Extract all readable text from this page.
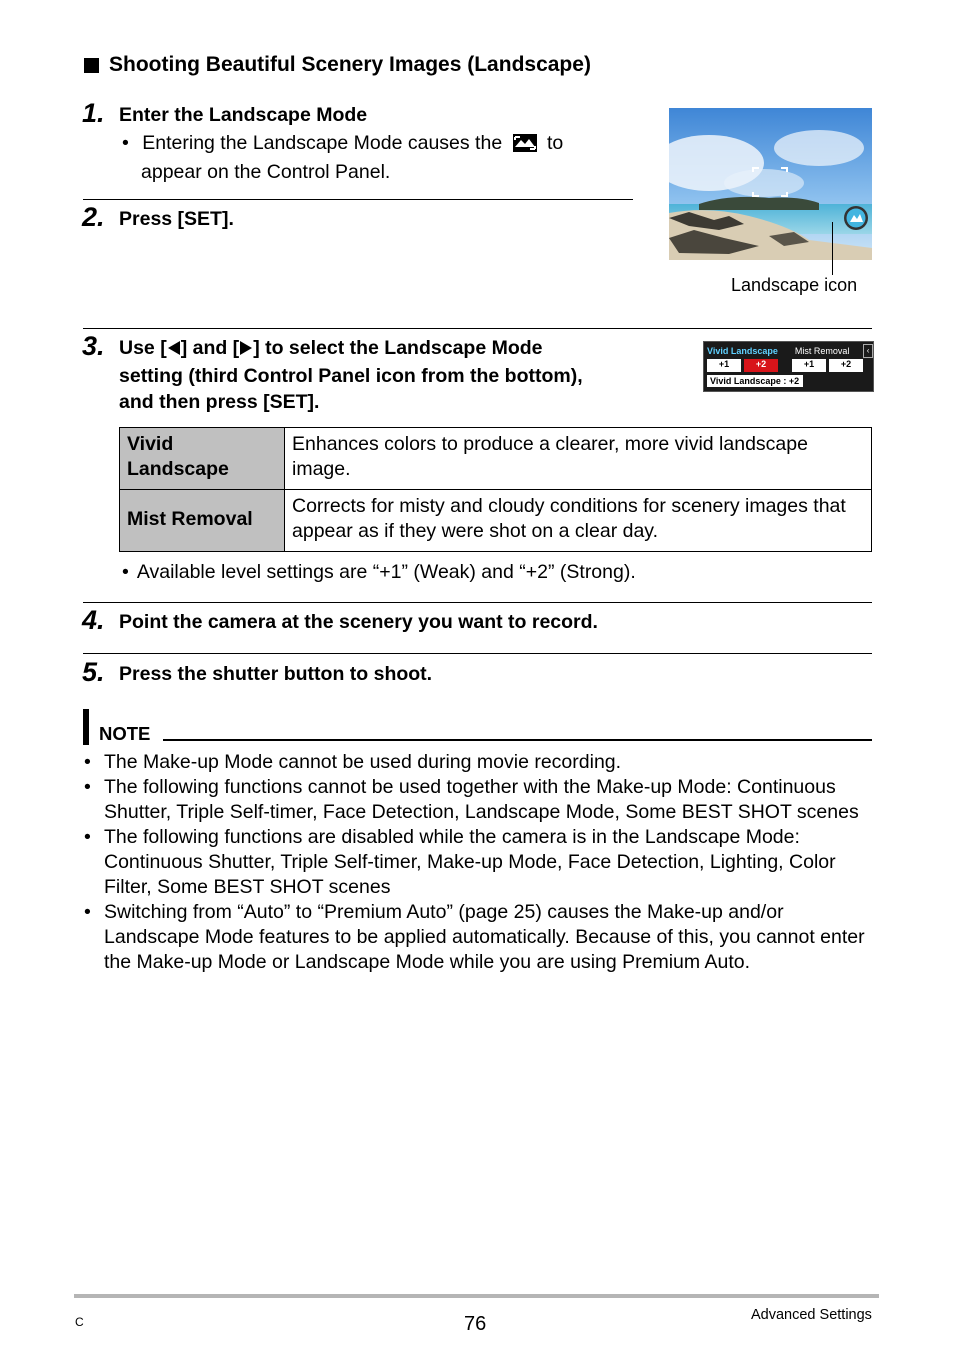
Shooting Beautiful Scenery Images (Landscape)
1. Enter the Landscape Mode
• Entering the Landscape Mode causes the to
appear on the Control Panel.
2. Press [SET].
Landscape icon
3. Use [ ] and [ ] to select the Landscape Mode
setting (third Control Panel icon from the bottom),
and then press [SET].
Vivid Landscape	Mist Removal	‹
+1	+2	+1	+2
Vivid Landscape : +2
Vivid
Landscape	Enhances colors to produce a clearer, more vivid landscape image.

Mist Removal	Corrects for misty and cloudy conditions for scenery images that appear as if they were shot on a clear day.
• Available level settings are “+1” (Weak) and “+2” (Strong).
4. Point the camera at the scenery you want to record.
5. Press the shutter button to shoot.
NOTE
• The Make-up Mode cannot be used during movie recording.
• The following functions cannot be used together with the Make-up Mode: Continuous Shutter, Triple Self-timer, Face Detection, Landscape Mode, Some BEST SHOT scenes
• The following functions are disabled while the camera is in the Landscape Mode: Continuous Shutter, Triple Self-timer, Make-up Mode, Face Detection, Lighting, Color Filter, Some BEST SHOT scenes
• Switching from “Auto” to “Premium Auto” (page 25) causes the Make-up and/or Landscape Mode features to be applied automatically. Because of this, you cannot enter the Make-up Mode or Landscape Mode while you are using Premium Auto.
C	76	Advanced Settings
